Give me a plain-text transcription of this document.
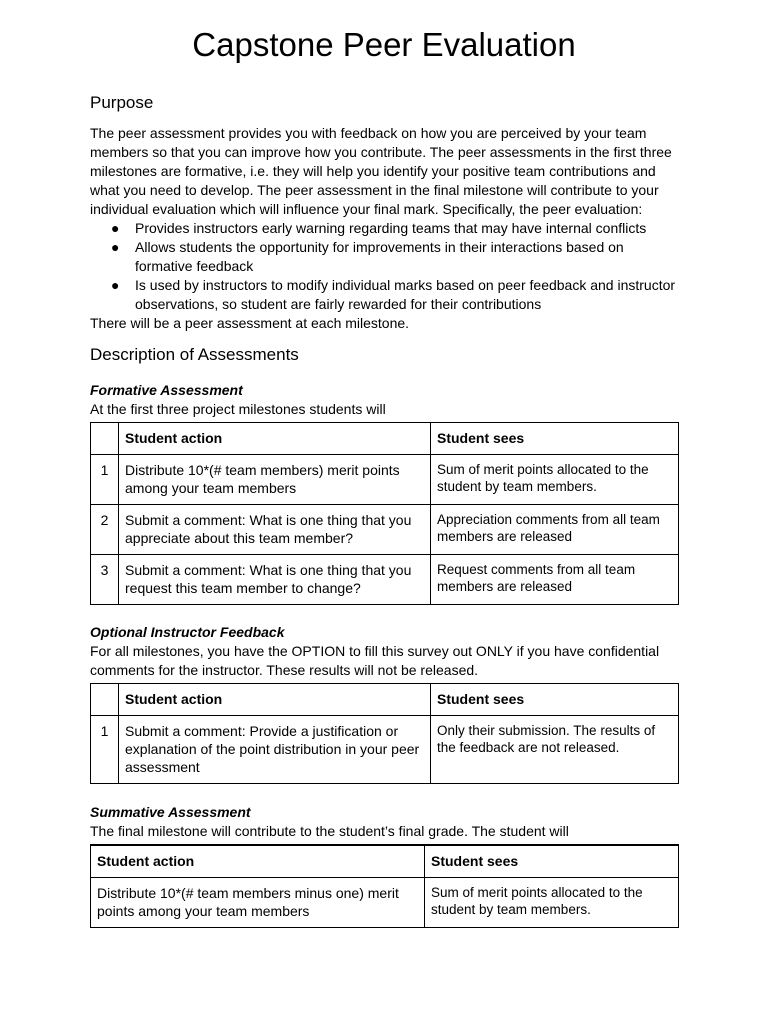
Capstone Peer Evaluation
Purpose

The peer assessment provides you with feedback on how you are perceived by your team members so that you can improve how you contribute. The peer assessments in the first three milestones are formative, i.e. they will help you identify your positive team contributions and what you need to develop. The peer assessment in the final milestone will contribute to your individual evaluation which will influence your final mark. Specifically, the peer evaluation:

● Provides instructors early warning regarding teams that may have internal conflicts
● Allows students the opportunity for improvements in their interactions based on formative feedback
● Is used by instructors to modify individual marks based on peer feedback and instructor observations, so student are fairly rewarded for their contributions

There will be a peer assessment at each milestone.

Description of Assessments

Formative Assessment

At the first three project milestones students will

	Student action	Student sees
1	Distribute 10*(# team members) merit points among your team members	Sum of merit points allocated to the student by team members.
2	Submit a comment: What is one thing that you appreciate about this team member?	Appreciation comments from all team members are released
3	Submit a comment: What is one thing that you request this team member to change?	Request comments from all team members are released

Optional Instructor Feedback

For all milestones, you have the OPTION to fill this survey out ONLY if you have confidential comments for the instructor. These results will not be released.

	Student action	Student sees
1	Submit a comment: Provide a justification or explanation of the point distribution in your peer assessment	Only their submission. The results of the feedback are not released.

Summative Assessment

The final milestone will contribute to the student’s final grade. The student will

Student action	Student sees
Distribute 10*(# team members minus one) merit points among your team members	Sum of merit points allocated to the student by team members.
